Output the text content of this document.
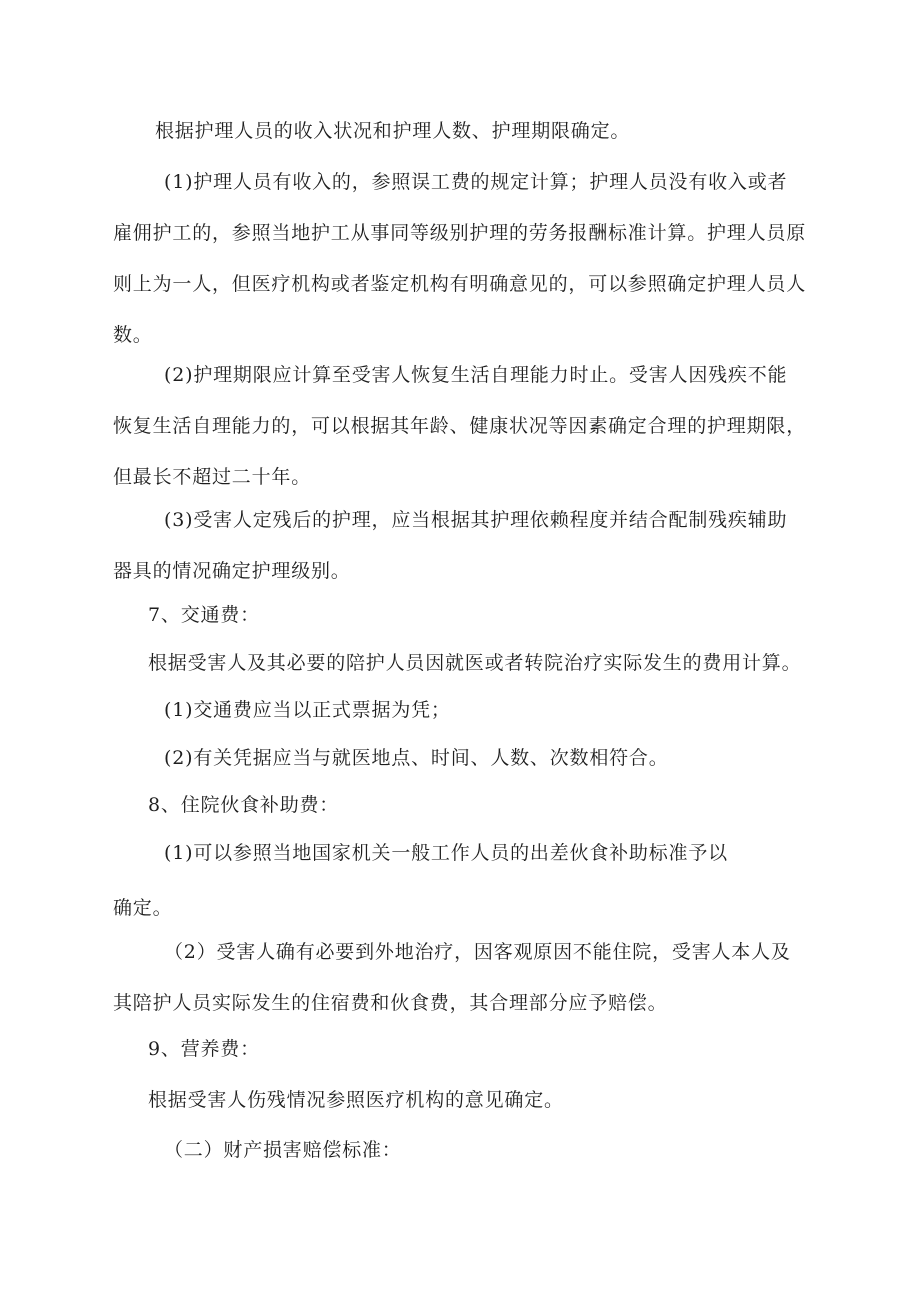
根据护理人员的收入状况和护理人数、护理期限确定。
(1)护理人员有收入的，参照误工费的规定计算；护理人员没有收入或者
雇佣护工的，参照当地护工从事同等级别护理的劳务报酬标准计算。护理人员原
则上为一人，但医疗机构或者鉴定机构有明确意见的，可以参照确定护理人员人
数。
(2)护理期限应计算至受害人恢复生活自理能力时止。受害人因残疾不能
恢复生活自理能力的，可以根据其年龄、健康状况等因素确定合理的护理期限，
但最长不超过二十年。
(3)受害人定残后的护理，应当根据其护理依赖程度并结合配制残疾辅助
器具的情况确定护理级别。
7、交通费：
根据受害人及其必要的陪护人员因就医或者转院治疗实际发生的费用计算。
(1)交通费应当以正式票据为凭；
(2)有关凭据应当与就医地点、时间、人数、次数相符合。
8、住院伙食补助费：
(1)可以参照当地国家机关一般工作人员的出差伙食补助标准予以
确定。
（2）受害人确有必要到外地治疗，因客观原因不能住院，受害人本人及
其陪护人员实际发生的住宿费和伙食费，其合理部分应予赔偿。
9、营养费：
根据受害人伤残情况参照医疗机构的意见确定。
（二）财产损害赔偿标准：
